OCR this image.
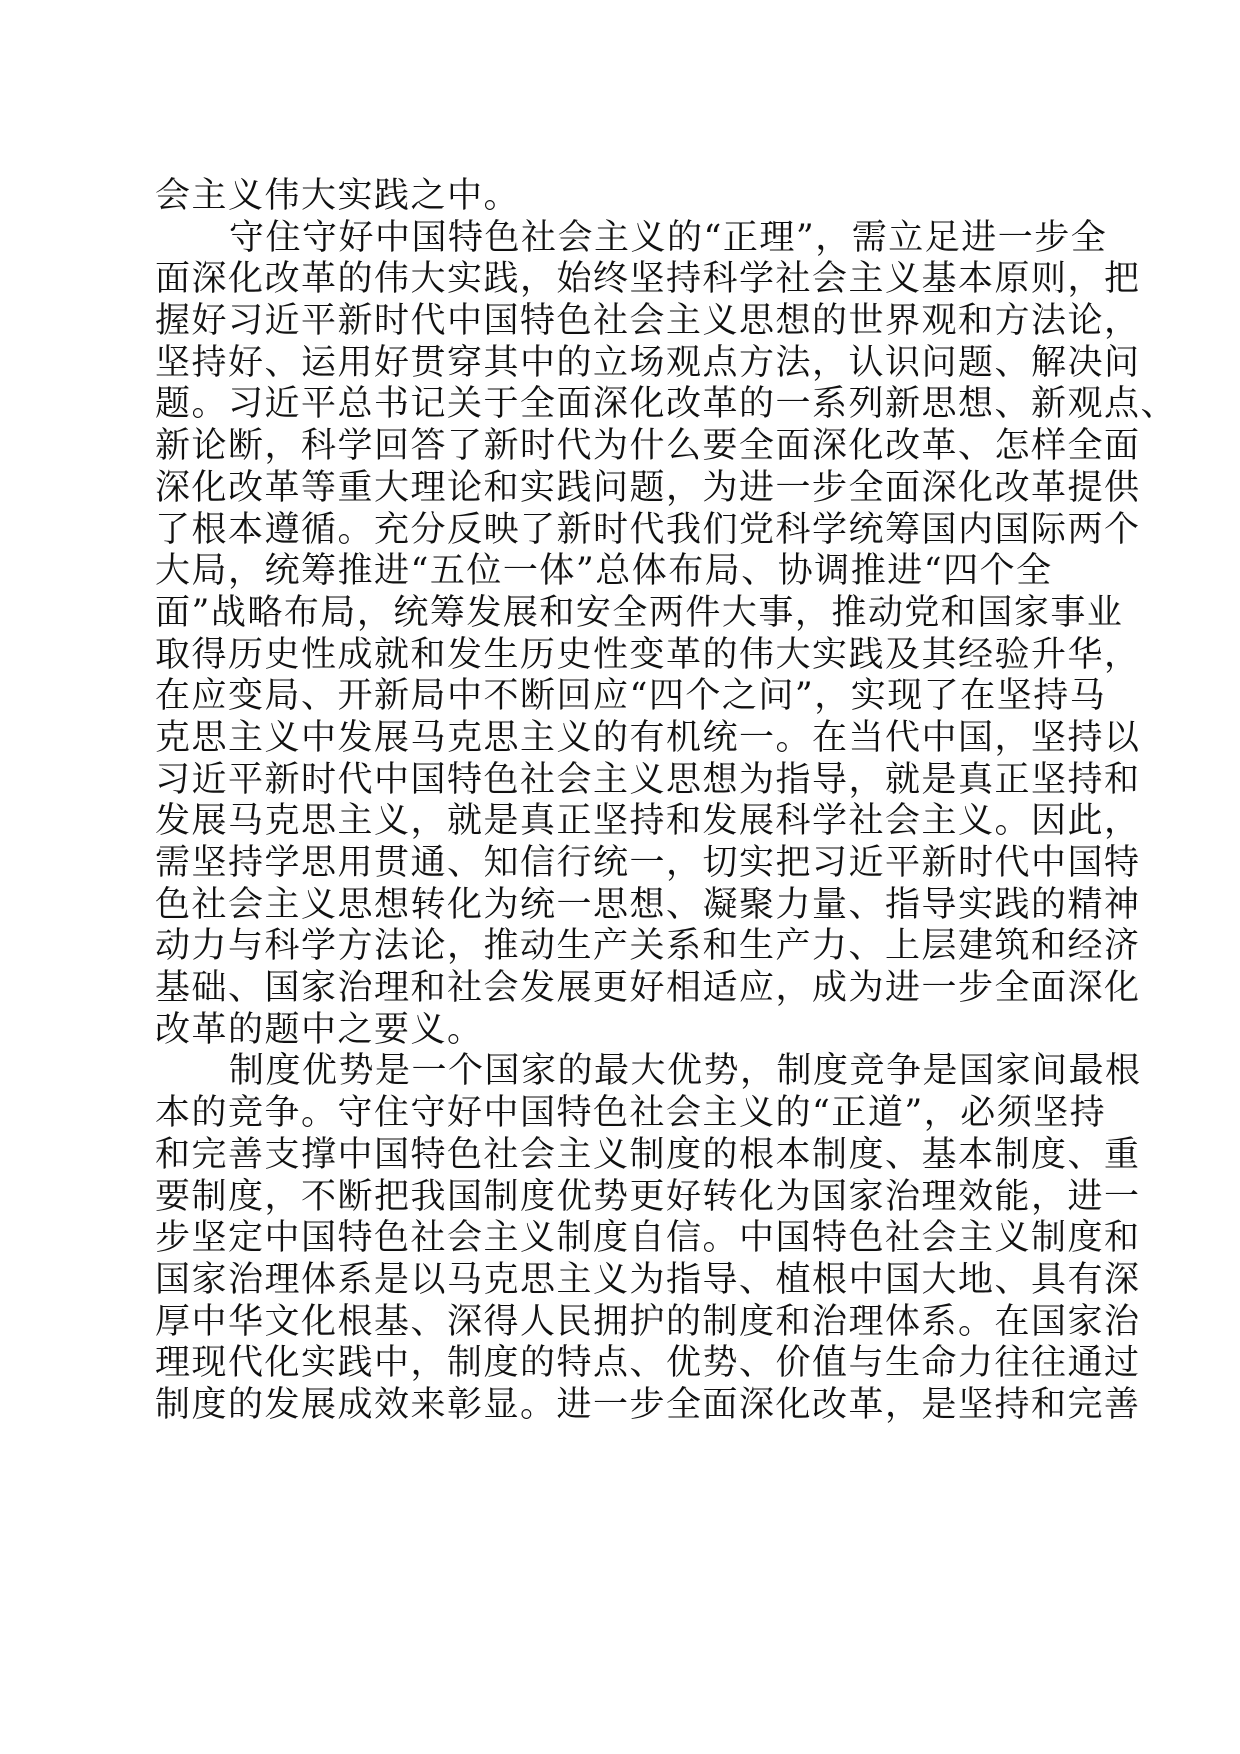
会主义伟大实践之中。
守住守好中国特色社会主义的“正理”，需立足进一步全
面深化改革的伟大实践，始终坚持科学社会主义基本原则，把
握好习近平新时代中国特色社会主义思想的世界观和方法论，
坚持好、运用好贯穿其中的立场观点方法，认识问题、解决问
题。习近平总书记关于全面深化改革的一系列新思想、新观点、
新论断，科学回答了新时代为什么要全面深化改革、怎样全面
深化改革等重大理论和实践问题，为进一步全面深化改革提供
了根本遵循。充分反映了新时代我们党科学统筹国内国际两个
大局，统筹推进“五位一体”总体布局、协调推进“四个全
面”战略布局，统筹发展和安全两件大事，推动党和国家事业
取得历史性成就和发生历史性变革的伟大实践及其经验升华，
在应变局、开新局中不断回应“四个之问”，实现了在坚持马
克思主义中发展马克思主义的有机统一。在当代中国，坚持以
习近平新时代中国特色社会主义思想为指导，就是真正坚持和
发展马克思主义，就是真正坚持和发展科学社会主义。因此，
需坚持学思用贯通、知信行统一，切实把习近平新时代中国特
色社会主义思想转化为统一思想、凝聚力量、指导实践的精神
动力与科学方法论，推动生产关系和生产力、上层建筑和经济
基础、国家治理和社会发展更好相适应，成为进一步全面深化
改革的题中之要义。
制度优势是一个国家的最大优势，制度竞争是国家间最根
本的竞争。守住守好中国特色社会主义的“正道”，必须坚持
和完善支撑中国特色社会主义制度的根本制度、基本制度、重
要制度，不断把我国制度优势更好转化为国家治理效能，进一
步坚定中国特色社会主义制度自信。中国特色社会主义制度和
国家治理体系是以马克思主义为指导、植根中国大地、具有深
厚中华文化根基、深得人民拥护的制度和治理体系。在国家治
理现代化实践中，制度的特点、优势、价值与生命力往往通过
制度的发展成效来彰显。进一步全面深化改革，是坚持和完善
